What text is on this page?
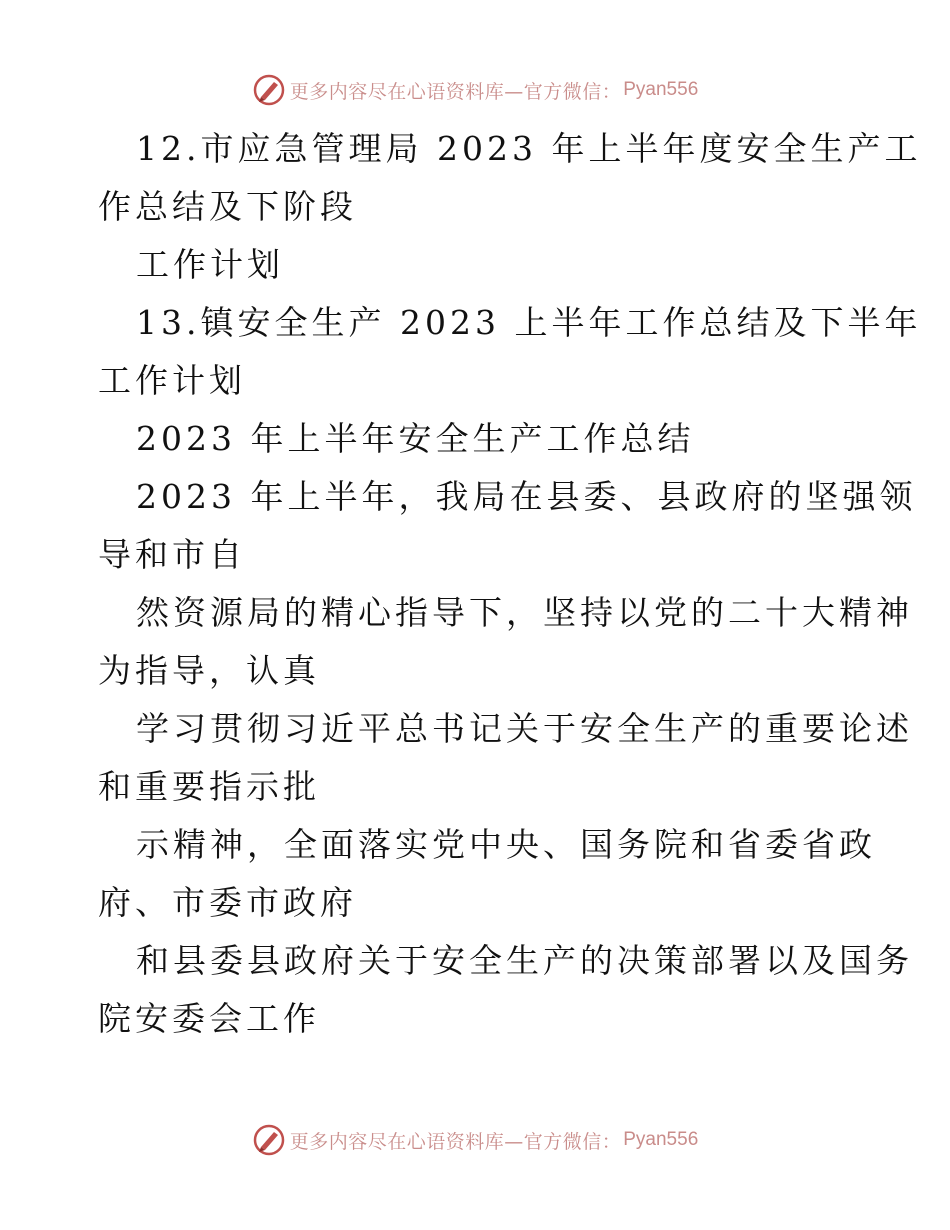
更多内容尽在心语资料库—官方微信： Pyan556
12.市应急管理局 2023 年上半年度安全生产工
作总结及下阶段
工作计划
13.镇安全生产 2023 上半年工作总结及下半年
工作计划
2023 年上半年安全生产工作总结
2023 年上半年，我局在县委、县政府的坚强领
导和市自
然资源局的精心指导下，坚持以党的二十大精神
为指导，认真
学习贯彻习近平总书记关于安全生产的重要论述
和重要指示批
示精神，全面落实党中央、国务院和省委省政
府、市委市政府
和县委县政府关于安全生产的决策部署以及国务
院安委会工作
更多内容尽在心语资料库—官方微信： Pyan556
